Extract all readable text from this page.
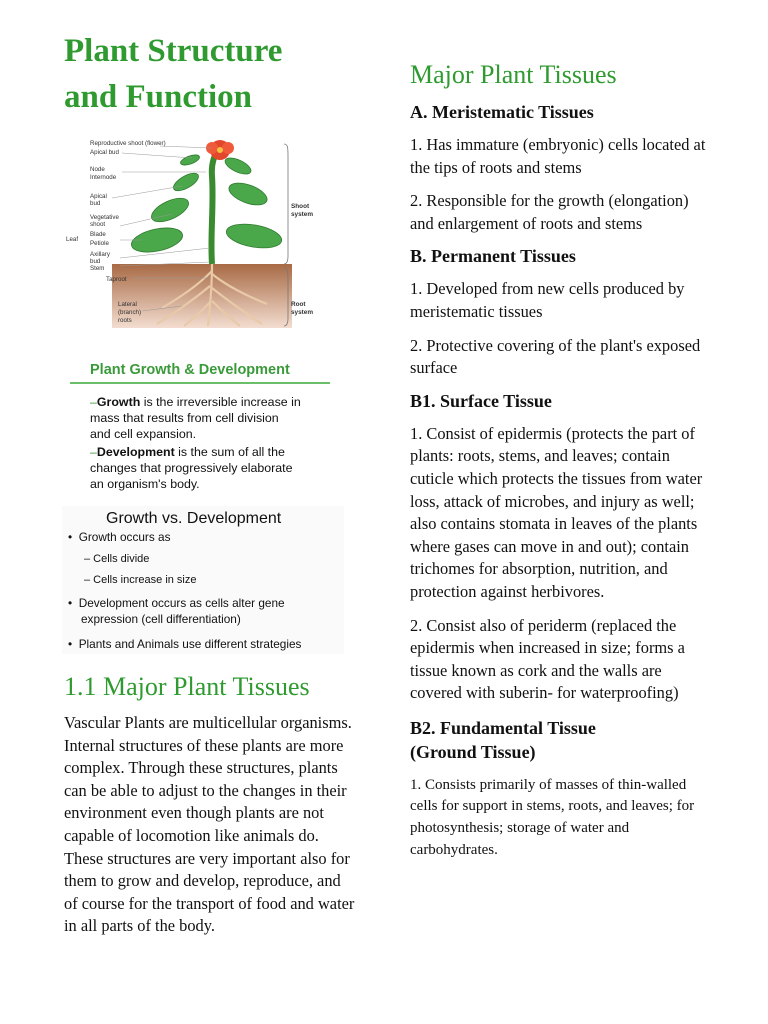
Plant Structure
and Function
Reproductive shoot (flower)
Apical bud
Node
Internode
Apical
bud
Vegetative
shoot
Leaf
Blade
Petiole
Axillary
bud
Stem
Taproot
Lateral
(branch)
roots
Shoot
system
Root
system
Plant Growth & Development
–Growth is the irreversible increase in
mass that results from cell division
and cell expansion.
–Development is the sum of all the
changes that progressively elaborate
an organism's body.
Growth vs. Development
•  Growth occurs as
– Cells divide
– Cells increase in size
•  Development occurs as cells alter gene
expression (cell differentiation)
•  Plants and Animals use different strategies
1.1 Major Plant Tissues

Vascular Plants are multicellular organisms. Internal structures of these plants are more complex. Through these structures, plants can be able to adjust to the changes in their environment even though plants are not capable of locomotion like animals do. These structures are very important also for them to grow and develop, reproduce, and of course for the transport of food and water in all parts of the body.

Major Plant Tissues

A. Meristematic Tissues

1. Has immature (embryonic) cells located at the tips of roots and stems

2. Responsible for the growth (elongation) and enlargement of roots and stems

B. Permanent Tissues

1. Developed from new cells produced by meristematic tissues

2. Protective covering of the plant's exposed surface

B1. Surface Tissue

1. Consist of epidermis (protects the part of plants: roots, stems, and leaves; contain cuticle which protects the tissues from water loss, attack of microbes, and injury as well; also contains stomata in leaves of the plants where gases can move in and out); contain trichomes for absorption, nutrition, and protection against herbivores.

2. Consist also of periderm (replaced the epidermis when increased in size; forms a tissue known as cork and the walls are covered with suberin- for waterproofing)

B2. Fundamental Tissue
(Ground Tissue)

1. Consists primarily of masses of thin-walled cells for support in stems, roots, and leaves; for photosynthesis; storage of water and carbohydrates.
